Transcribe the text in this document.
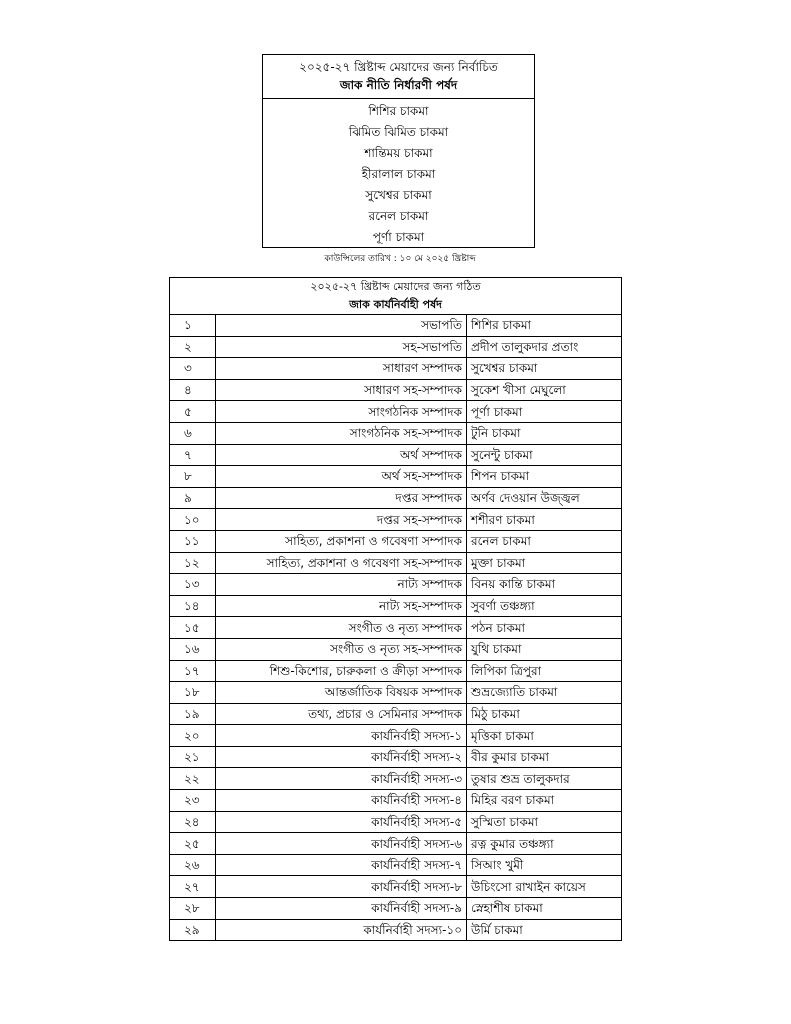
২০২৫-২৭ খ্রিষ্টাব্দ মেয়াদের জন্য নির্বাচিত
জাক নীতি নির্ধারণী পর্ষদ
শিশির চাকমা
ঝিমিত ঝিমিত চাকমা
শান্তিময় চাকমা
হীরালাল চাকমা
সুখেশ্বর চাকমা
রনেল চাকমা
পূর্ণা চাকমা
কাউন্সিলের তারিখ : ১০ মে ২০২৫ খ্রিষ্টাব্দ
২০২৫-২৭ খ্রিষ্টাব্দ মেয়াদের জন্য গঠিত		
জাক কার্যনির্বাহী পর্ষদ		
১	সভাপতি	শিশির চাকমা
২	সহ-সভাপতি	প্রদীপ তালুকদার প্রতাং
৩	সাধারণ সম্পাদক	সুখেশ্বর চাকমা
৪	সাধারণ সহ-সম্পাদক	সুকেশ খীসা মেঘুলো
৫	সাংগঠনিক সম্পাদক	পূর্ণা চাকমা
৬	সাংগঠনিক সহ-সম্পাদক	টুনি চাকমা
৭	অর্থ সম্পাদক	সুনেন্টু চাকমা
৮	অর্থ সহ-সম্পাদক	শিপন চাকমা
৯	দপ্তর সম্পাদক	অর্ণব দেওয়ান উজ্জ্বল
১০	দপ্তর সহ-সম্পাদক	শশীরণ চাকমা
১১	সাহিত্য, প্রকাশনা ও গবেষণা সম্পাদক	রনেল চাকমা
১২	সাহিত্য, প্রকাশনা ও গবেষণা সহ-সম্পাদক	মুক্তা চাকমা
১৩	নাট্য সম্পাদক	বিনয় কান্তি চাকমা
১৪	নাট্য সহ-সম্পাদক	সুবর্ণা তঞ্চঙ্গ্যা
১৫	সংগীত ও নৃত্য সম্পাদক	পঠন চাকমা
১৬	সংগীত ও নৃত্য সহ-সম্পাদক	যুথি চাকমা
১৭	শিশু-কিশোর, চারুকলা ও ক্রীড়া সম্পাদক	লিপিকা ত্রিপুরা
১৮	আন্তর্জাতিক বিষয়ক সম্পাদক	শুভ্রজ্যোতি চাকমা
১৯	তথ্য, প্রচার ও সেমিনার সম্পাদক	মিঠু চাকমা
২০	কার্যনির্বাহী সদস্য-১	মৃত্তিকা চাকমা
২১	কার্যনির্বাহী সদস্য-২	বীর কুমার চাকমা
২২	কার্যনির্বাহী সদস্য-৩	তুষার শুভ্র তালুকদার
২৩	কার্যনির্বাহী সদস্য-৪	মিহির বরণ চাকমা
২৪	কার্যনির্বাহী সদস্য-৫	সুস্মিতা চাকমা
২৫	কার্যনির্বাহী সদস্য-৬	রত্ন কুমার তঞ্চঙ্গ্যা
২৬	কার্যনির্বাহী সদস্য-৭	সিআং খুমী
২৭	কার্যনির্বাহী সদস্য-৮	উচিংসো রাখাইন কায়েস
২৮	কার্যনির্বাহী সদস্য-৯	স্নেহাশীষ চাকমা
২৯	কার্যনির্বাহী সদস্য-১০	উর্মি চাকমা
